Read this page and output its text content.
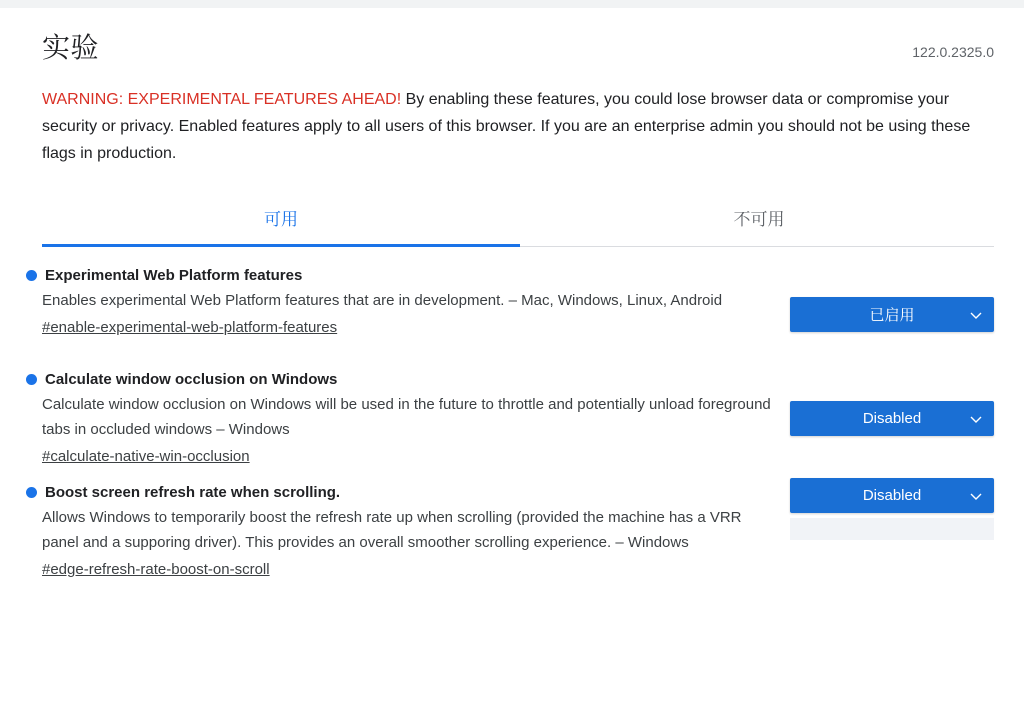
实验	122.0.2325.0
WARNING: EXPERIMENTAL FEATURES AHEAD! By enabling these features, you could lose browser data or compromise your security or privacy. Enabled features apply to all users of this browser. If you are an enterprise admin you should not be using these flags in production.
可用	不可用
Experimental Web Platform features
Enables experimental Web Platform features that are in development. – Mac, Windows, Linux, Android
#enable-experimental-web-platform-features
已启用
Calculate window occlusion on Windows
Calculate window occlusion on Windows will be used in the future to throttle and potentially unload foreground tabs in occluded windows – Windows
#calculate-native-win-occlusion
Disabled
Boost screen refresh rate when scrolling.
Allows Windows to temporarily boost the refresh rate up when scrolling (provided the machine has a VRR panel and a supporing driver). This provides an overall smoother scrolling experience. – Windows
#edge-refresh-rate-boost-on-scroll
Disabled
